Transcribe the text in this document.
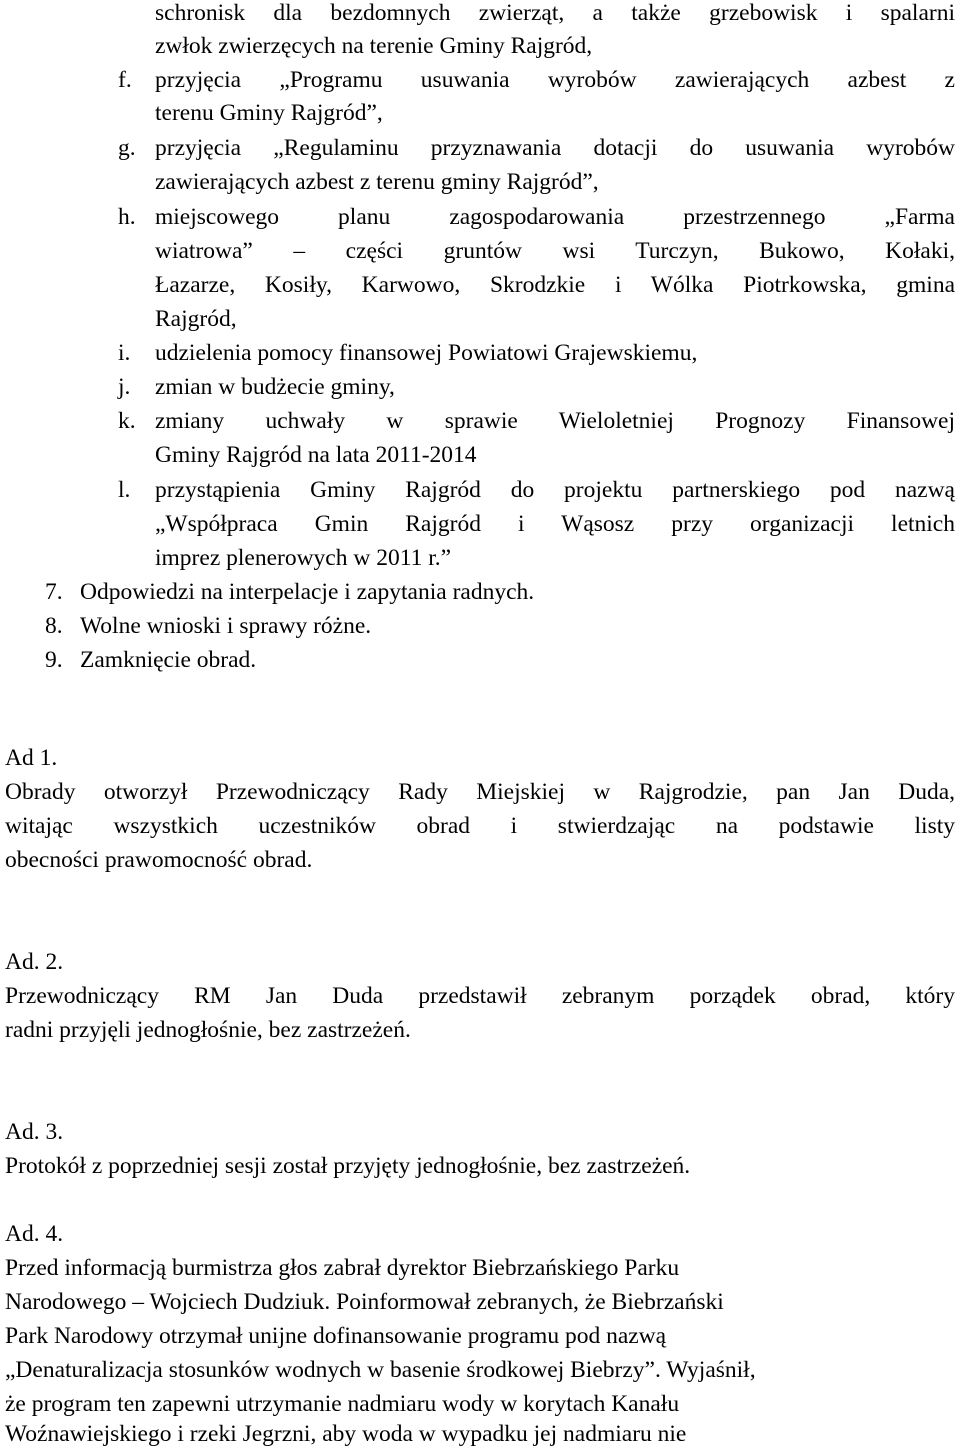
schronisk dla bezdomnych zwierząt, a także grzebowisk i spalarni

zwłok zwierzęcych na terenie Gminy Rajgród,

f. przyjęcia „Programu usuwania wyrobów zawierających azbest z

terenu Gminy Rajgród”,

g. przyjęcia „Regulaminu przyznawania dotacji do usuwania wyrobów

zawierających azbest z terenu gminy Rajgród”,

h. miejscowego planu zagospodarowania przestrzennego „Farma

wiatrowa” – części gruntów wsi Turczyn, Bukowo, Kołaki,

Łazarze, Kosiły, Karwowo, Skrodzkie i Wólka Piotrkowska, gmina

Rajgród,

i. udzielenia pomocy finansowej Powiatowi Grajewskiemu,

j. zmian w budżecie gminy,

k. zmiany uchwały w sprawie Wieloletniej Prognozy Finansowej

Gminy Rajgród na lata 2011-2014

l. przystąpienia Gminy Rajgród do projektu partnerskiego pod nazwą

„Współpraca Gmin Rajgród i Wąsosz przy organizacji letnich

imprez plenerowych w 2011 r.”

7. Odpowiedzi na interpelacje i zapytania radnych.

8. Wolne wnioski i sprawy różne.

9. Zamknięcie obrad.

Ad 1.

Obrady otworzył Przewodniczący Rady Miejskiej w Rajgrodzie, pan Jan Duda,

witając wszystkich uczestników obrad i stwierdzając na podstawie listy

obecności prawomocność obrad.

Ad. 2.

Przewodniczący RM Jan Duda przedstawił zebranym porządek obrad, który

radni przyjęli jednogłośnie, bez zastrzeżeń.

Ad. 3.

Protokół z poprzedniej sesji został przyjęty jednogłośnie, bez zastrzeżeń.

Ad. 4.

Przed informacją burmistrza głos zabrał dyrektor Biebrzańskiego Parku

Narodowego – Wojciech Dudziuk. Poinformował zebranych, że Biebrzański

Park Narodowy otrzymał unijne dofinansowanie programu pod nazwą

„Denaturalizacja stosunków wodnych w basenie środkowej Biebrzy”. Wyjaśnił,

że program ten zapewni utrzymanie nadmiaru wody w korytach Kanału

Woźnawiejskiego i rzeki Jegrzni, aby woda w wypadku jej nadmiaru nie
